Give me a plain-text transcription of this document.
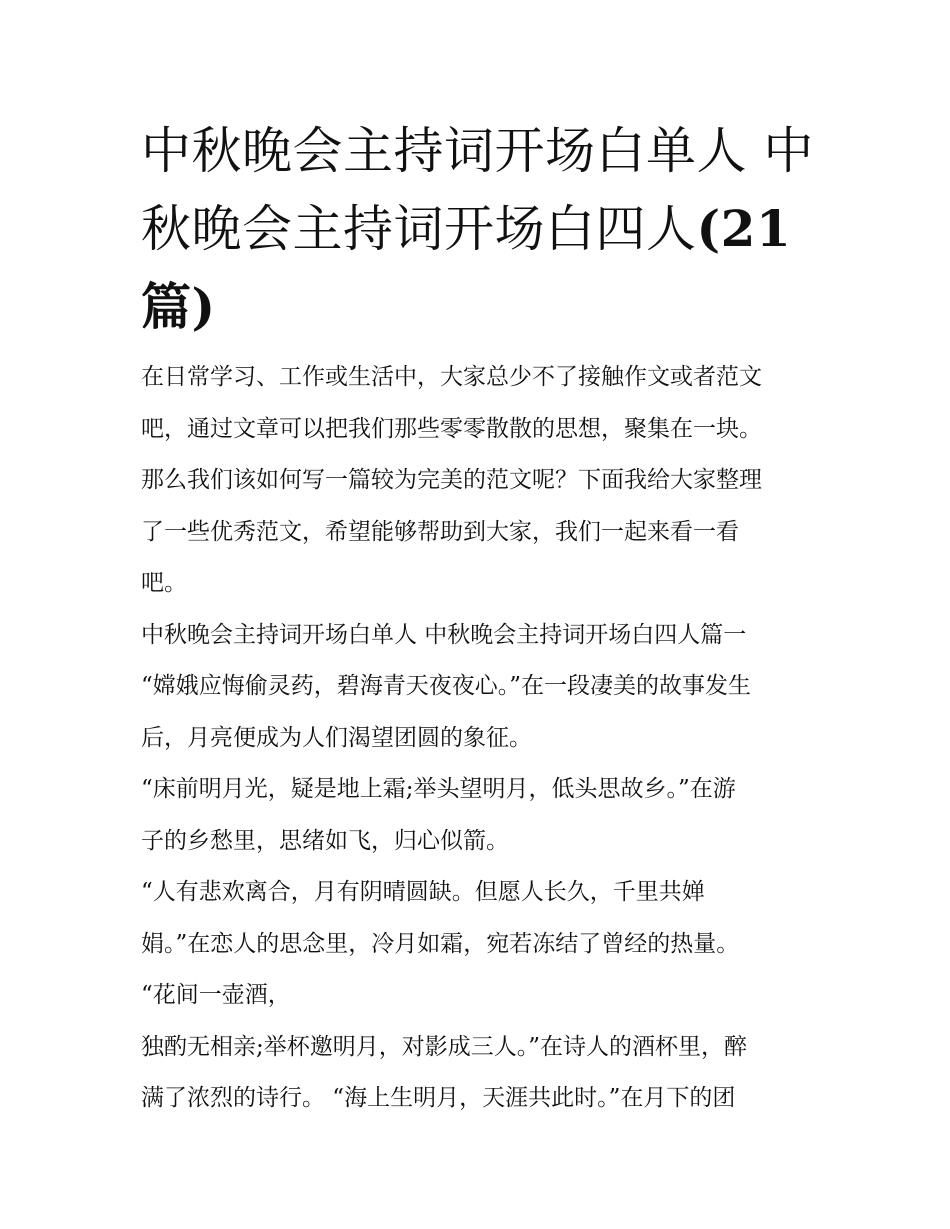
中秋晚会主持词开场白单人 中
秋晚会主持词开场白四人(21
篇)
在日常学习、工作或生活中，大家总少不了接触作文或者范文
吧，通过文章可以把我们那些零零散散的思想，聚集在一块。
那么我们该如何写一篇较为完美的范文呢？下面我给大家整理
了一些优秀范文，希望能够帮助到大家，我们一起来看一看
吧。
中秋晚会主持词开场白单人 中秋晚会主持词开场白四人篇一
“嫦娥应悔偷灵药，碧海青天夜夜心。”在一段凄美的故事发生
后，月亮便成为人们渴望团圆的象征。
“床前明月光，疑是地上霜;举头望明月，低头思故乡。”在游
子的乡愁里，思绪如飞，归心似箭。
“人有悲欢离合，月有阴晴圆缺。但愿人长久，千里共婵
娟。”在恋人的思念里，冷月如霜，宛若冻结了曾经的热量。
“花间一壶酒，
独酌无相亲;举杯邀明月，对影成三人。”在诗人的酒杯里，醉
满了浓烈的诗行。 “海上生明月，天涯共此时。”在月下的团
